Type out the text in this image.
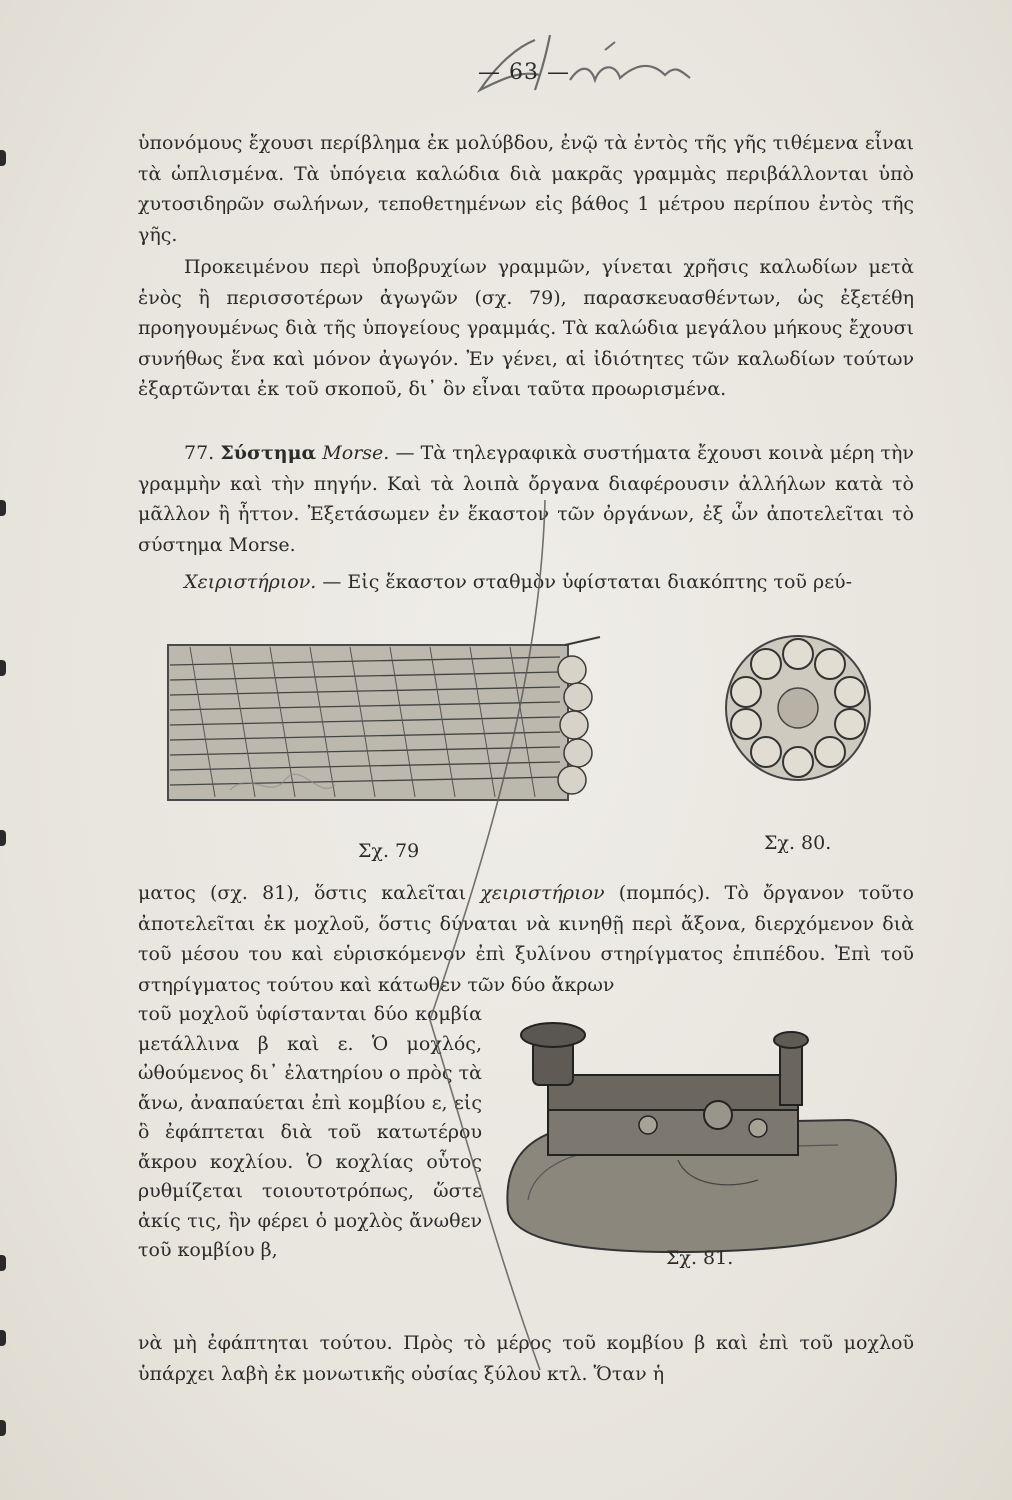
Μιών
— 63 —

ὑπονόμους ἔχουσι περίβλημα ἐκ μολύβδου, ἐνῷ τὰ ἐντὸς τῆς γῆς τιθέμενα εἶναι τὰ ὡπλισμένα. Τὰ ὑπόγεια καλώδια διὰ μακρᾶς γραμμὰς περιβάλλονται ὑπὸ χυτοσιδηρῶν σωλήνων, τεποθετημένων εἰς βάθος 1 μέτρου περίπου ἐντὸς τῆς γῆς.

Προκειμένου περὶ ὑποβρυχίων γραμμῶν, γίνεται χρῆσις καλωδίων μετὰ ἑνὸς ἢ περισσοτέρων ἀγωγῶν (σχ. 79), παρασκευασθέντων, ὡς ἐξετέθη προηγουμένως διὰ τῆς ὑπογείους γραμμάς. Τὰ καλώδια μεγάλου μήκους ἔχουσι συνήθως ἕνα καὶ μόνον ἀγωγόν. Ἐν γένει, αἱ ἰδιότητες τῶν καλωδίων τούτων ἐξαρτῶνται ἐκ τοῦ σκοποῦ, δι᾽ ὃν εἶναι ταῦτα προωρισμένα.

77. Σύστημα Morse. — Τὰ τηλεγραφικὰ συστήματα ἔχουσι κοινὰ μέρη τὴν γραμμὴν καὶ τὴν πηγήν. Καὶ τὰ λοιπὰ ὄργανα διαφέρουσιν ἀλλήλων κατὰ τὸ μᾶλλον ἢ ἧττον. Ἐξετάσωμεν ἐν ἕκαστον τῶν ὀργάνων, ἐξ ὧν ἀποτελεῖται τὸ σύστημα Morse.

Χειριστήριον. — Εἰς ἕκαστον σταθμὸν ὑφίσταται διακόπτης τοῦ ρεύ-

Σχ. 79	Σχ. 80.

ματος (σχ. 81), ὅστις καλεῖται χειριστήριον (πομπός). Τὸ ὄργανον τοῦτο ἀποτελεῖται ἐκ μοχλοῦ, ὅστις δύναται νὰ κινηθῇ περὶ ἄξονα, διερχόμενον διὰ τοῦ μέσου του καὶ εὑρισκόμενον ἐπὶ ξυλίνου στηρίγματος ἐπιπέδου. Ἐπὶ τοῦ στηρίγματος τούτου καὶ κάτωθεν τῶν δύο ἄκρων

τοῦ μοχλοῦ ὑφίστανται δύο κομβία μετάλλινα β καὶ ε. Ὁ μοχλός, ὠθούμενος δι᾽ ἐλατηρίου ο πρὸς τὰ ἄνω, ἀναπαύεται ἐπὶ κομβίου ε, εἰς ὃ ἐφάπτεται διὰ τοῦ κατωτέρου ἄκρου κοχλίου. Ὁ κοχλίας οὗτος ρυθμίζεται τοιουτοτρόπως, ὥστε ἀκίς τις, ἣν φέρει ὁ μοχλὸς ἄνωθεν τοῦ κομβίου β,	Σχ. 81.

νὰ μὴ ἐφάπτηται τούτου. Πρὸς τὸ μέρος τοῦ κομβίου β καὶ ἐπὶ τοῦ μοχλοῦ ὑπάρχει λαβὴ ἐκ μονωτικῆς οὐσίας ξύλου κτλ. Ὅταν ἡ
